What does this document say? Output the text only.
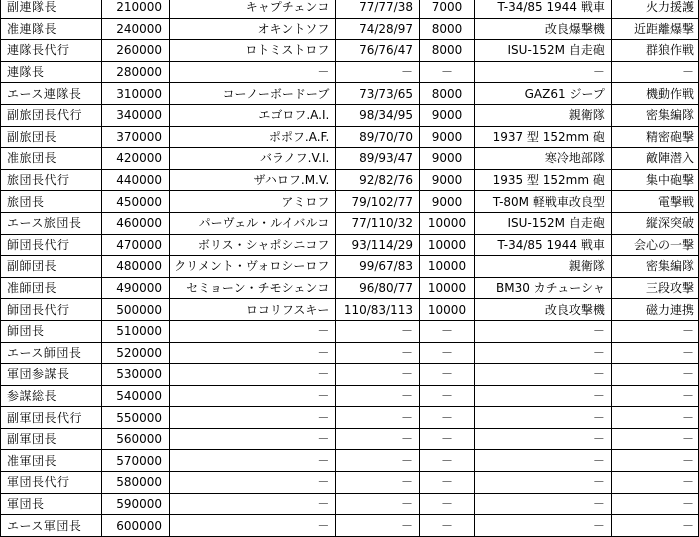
副連隊長	210000	キャプチェンコ	77/77/38	7000	T-34/85 1944 戦車	火力援護
准連隊長	240000	オキントソフ	74/28/97	8000	改良爆撃機	近距離爆撃
連隊長代行	260000	ロトミストロフ	76/76/47	8000	ISU-152M 自走砲	群狼作戦
連隊長	280000	－	－	－	－	－
エース連隊長	310000	コーノーボードーブ	73/73/65	8000	GAZ61 ジープ	機動作戦
副旅団長代行	340000	エゴロフ.A.I.	98/34/95	9000	親衛隊	密集編隊
副旅団長	370000	ポポフ.A.F.	89/70/70	9000	1937 型 152mm 砲	精密砲撃
准旅団長	420000	バラノフ.V.I.	89/93/47	9000	寒冷地部隊	敵陣潜入
旅団長代行	440000	ザハロフ.M.V.	92/82/76	9000	1935 型 152mm 砲	集中砲撃
旅団長	450000	アミロフ	79/102/77	9000	T-80M 軽戦車改良型	電撃戦
エース旅団長	460000	パーヴェル・ルイバルコ	77/110/32	10000	ISU-152M 自走砲	縦深突破
師団長代行	470000	ボリス・シャポシニコフ	93/114/29	10000	T-34/85 1944 戦車	会心の一撃
副師団長	480000	クリメント・ヴォロシーロフ	99/67/83	10000	親衛隊	密集編隊
准師団長	490000	セミョーン・チモシェンコ	96/80/77	10000	BM30 カチューシャ	三段攻撃
師団長代行	500000	ロコリフスキー	110/83/113	10000	改良攻撃機	磁力連携
師団長	510000	－	－	－	－	－
エース師団長	520000	－	－	－	－	－
軍団参謀長	530000	－	－	－	－	－
参謀総長	540000	－	－	－	－	－
副軍団長代行	550000	－	－	－	－	－
副軍団長	560000	－	－	－	－	－
准軍団長	570000	－	－	－	－	－
軍団長代行	580000	－	－	－	－	－
軍団長	590000	－	－	－	－	－
エース軍団長	600000	－	－	－	－	－
